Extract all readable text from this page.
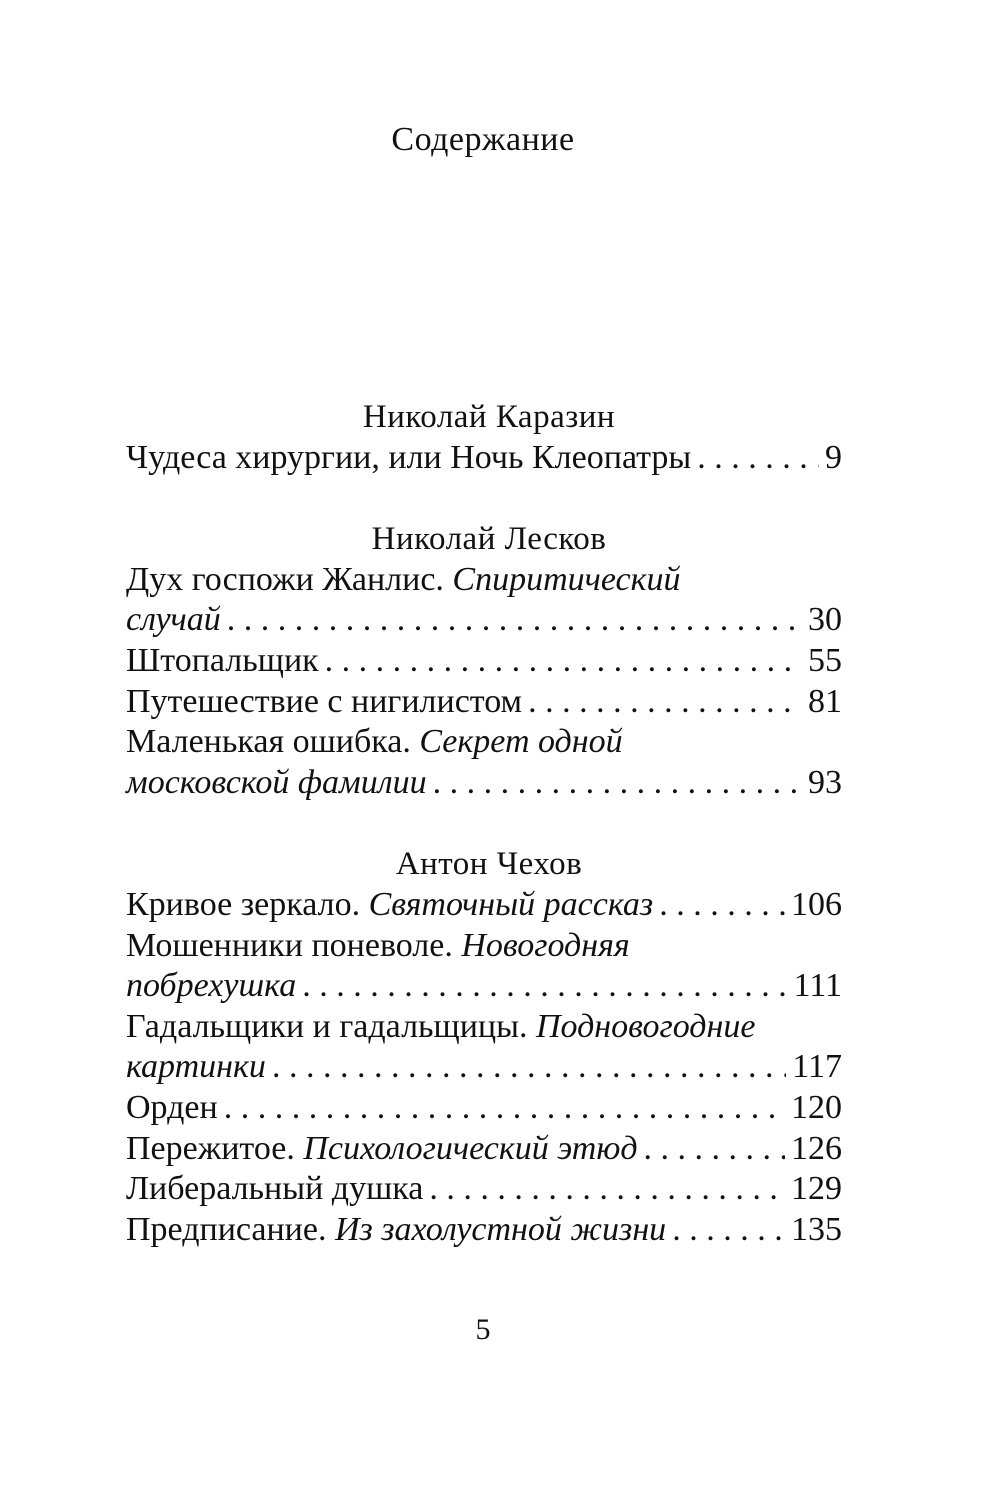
Содержание
Николай Каразин
Чудеса хирургии, или Ночь Клеопатры . . .	9
Николай Лесков
Дух госпожи Жанлис. Спиритический
случай . . .	30
Штопальщик . . .	55
Путешествие с нигилистом . . .	81
Маленькая ошибка. Секрет одной
московской фамилии . . .	93
Антон Чехов
Кривое зеркало. Святочный рассказ . . .	106
Мошенники поневоле. Новогодняя
побрехушка . . .	111
Гадальщики и гадальщицы. Подновогодние
картинки . . .	117
Орден . . .	120
Пережитое. Психологический этюд . . .	126
Либеральный душка . . .	129
Предписание. Из захолустной жизни . . .	135
5
